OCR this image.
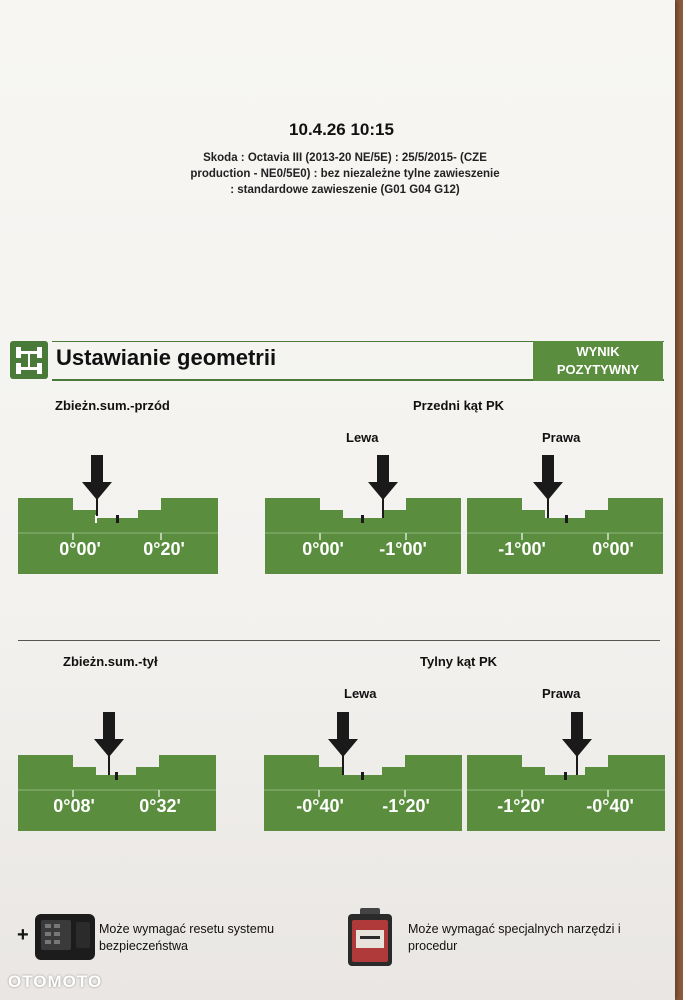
10.4.26 10:15
Skoda : Octavia III (2013-20 NE/5E) : 25/5/2015- (CZE
production - NE0/5E0) : bez niezależne tylne zawieszenie
: standardowe zawieszenie (G01 G04 G12)
Ustawianie geometrii	WYNIK
POZYTYWNY
Zbieżn.sum.-przód	Przedni kąt PK
Lewa	Prawa
0°00' 0°20'	0°00' -1°00'	-1°00'	0°00'
Zbieżn.sum.-tył	Tylny kąt PK
Lewa	Prawa
0°08' 0°32'	-0°40' -1°20'	-1°20' -0°40'
+	Może wymagać resetu systemu
bezpieczeństwa
Może wymagać specjalnych narzędzi i
procedur
OTOMOTO
